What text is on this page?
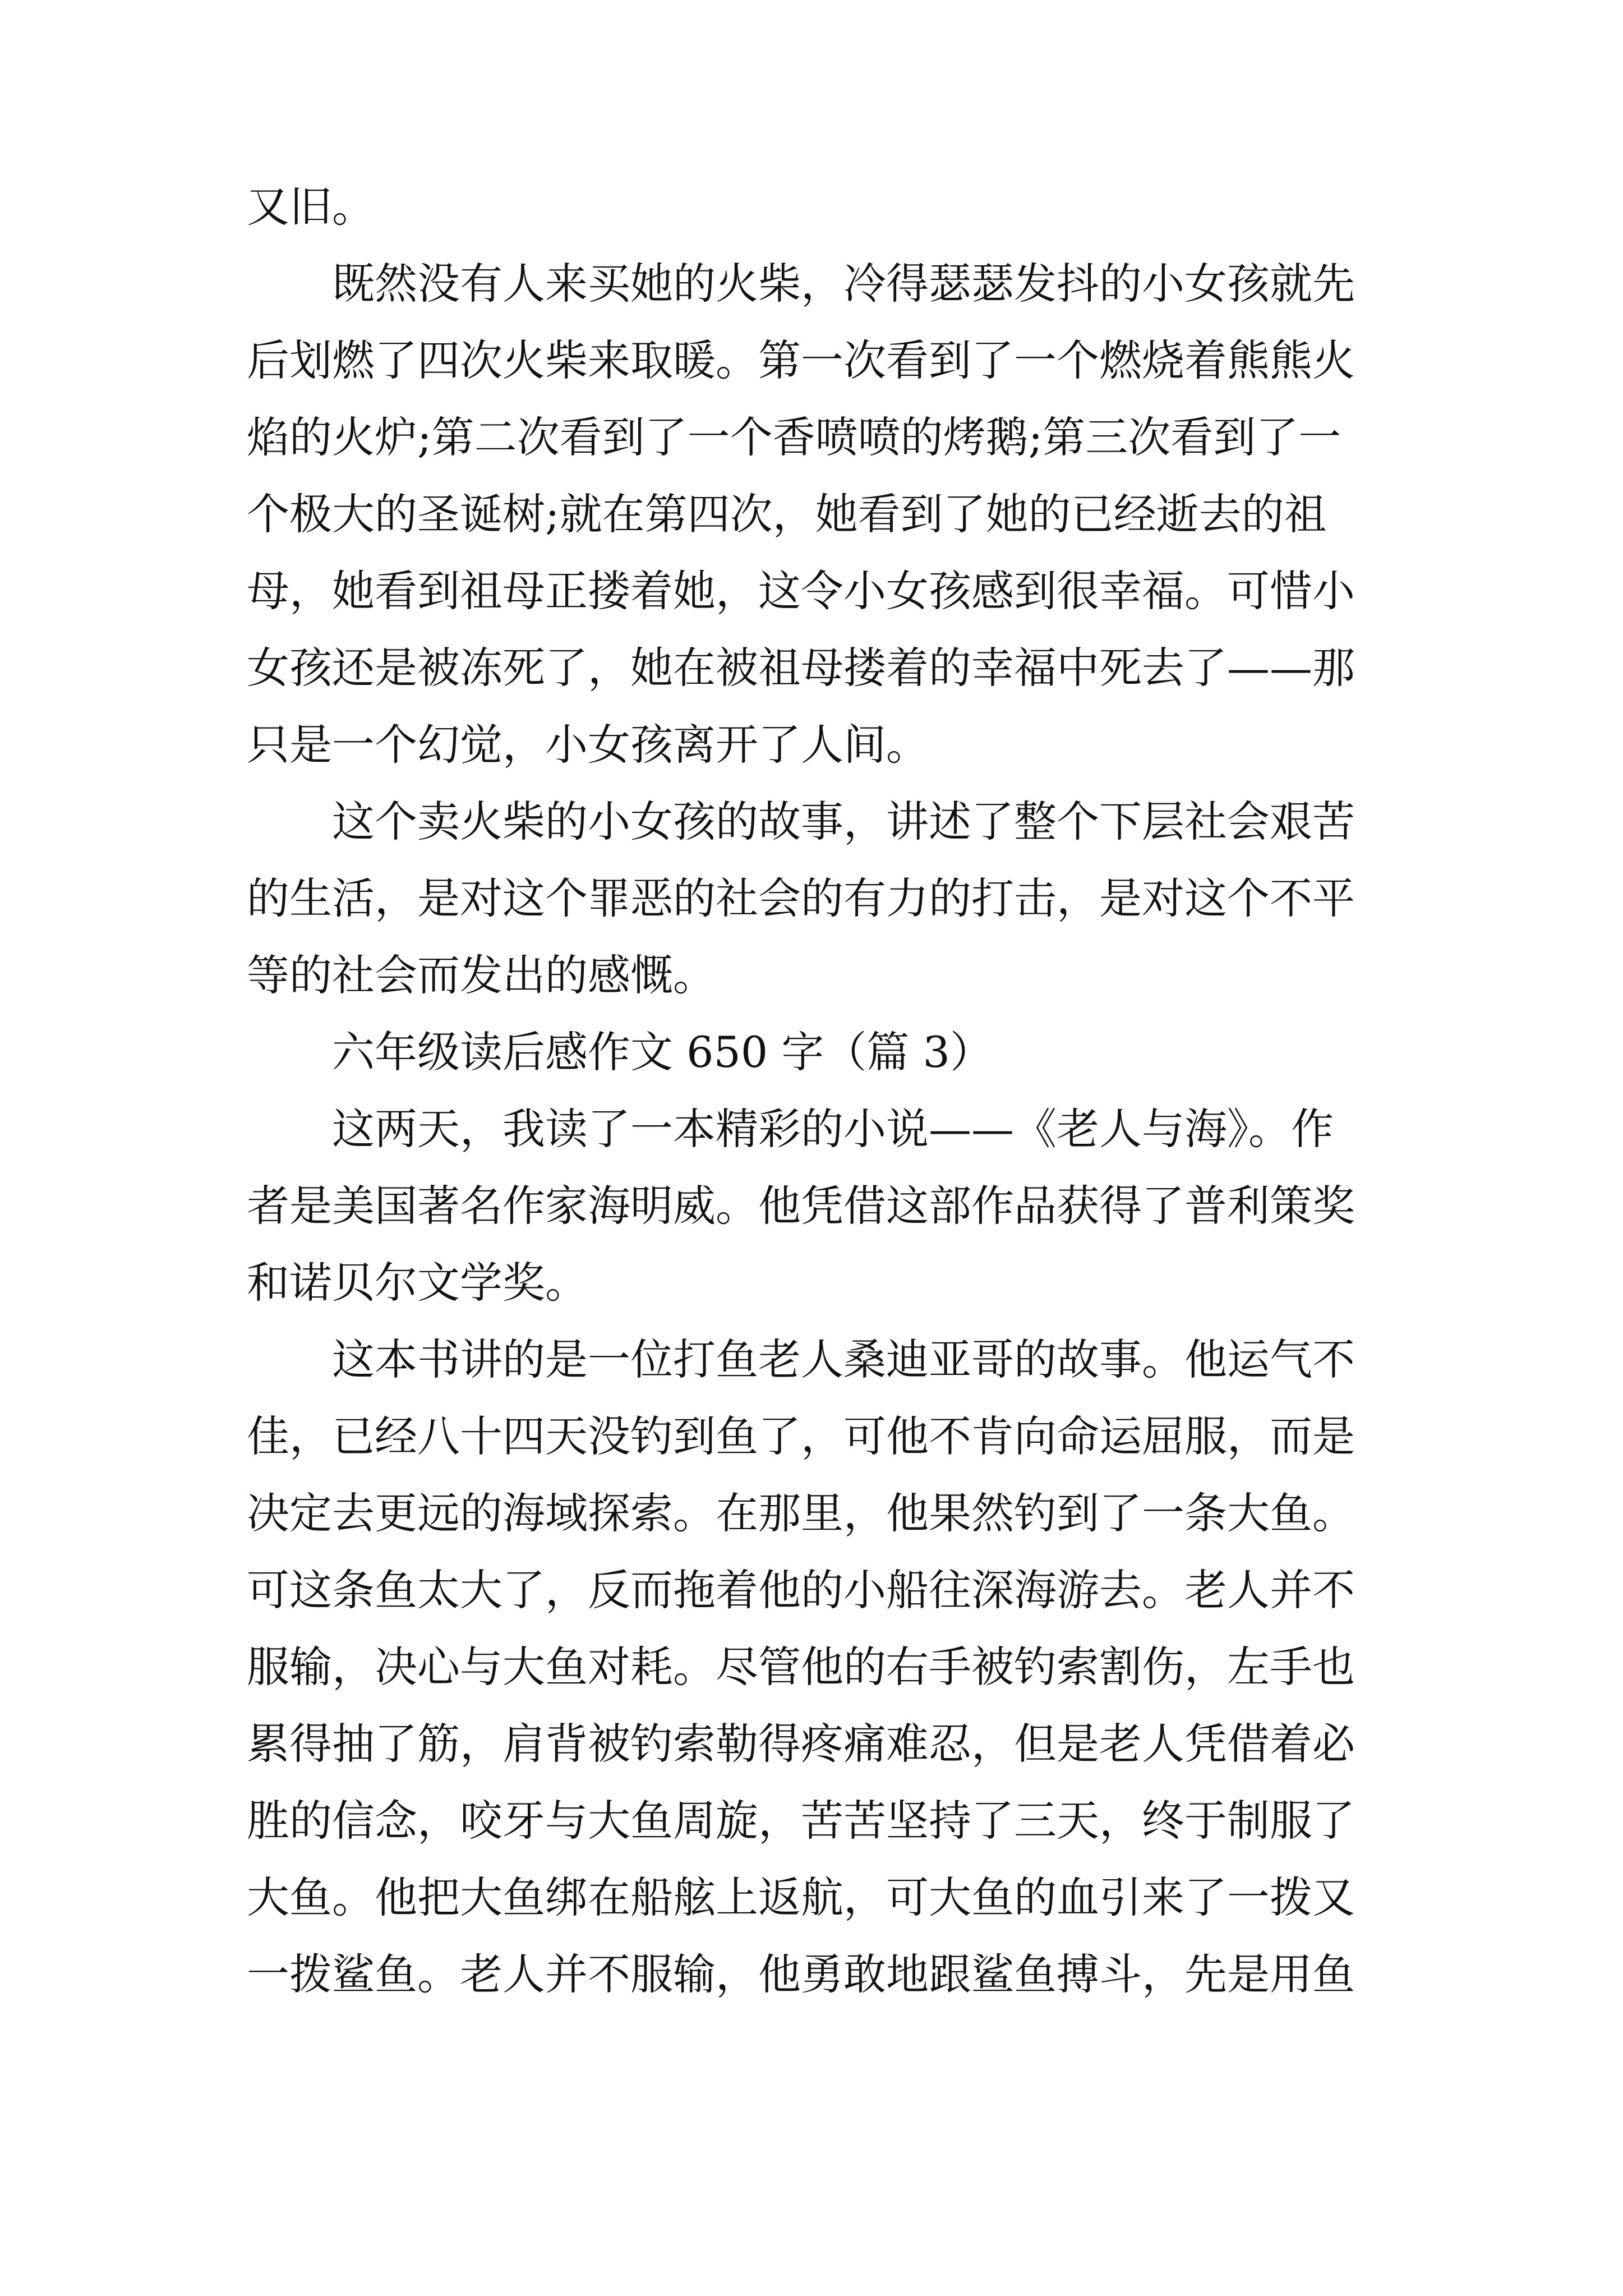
又旧。
既然没有人来买她的火柴，冷得瑟瑟发抖的小女孩就先
后划燃了四次火柴来取暖。第一次看到了一个燃烧着熊熊火
焰的火炉;第二次看到了一个香喷喷的烤鹅;第三次看到了一
个极大的圣诞树;就在第四次，她看到了她的已经逝去的祖
母，她看到祖母正搂着她，这令小女孩感到很幸福。可惜小
女孩还是被冻死了，她在被祖母搂着的幸福中死去了——那
只是一个幻觉，小女孩离开了人间。
这个卖火柴的小女孩的故事，讲述了整个下层社会艰苦
的生活，是对这个罪恶的社会的有力的打击，是对这个不平
等的社会而发出的感慨。
六年级读后感作文 650 字（篇 3）
这两天，我读了一本精彩的小说——《老人与海》。作
者是美国著名作家海明威。他凭借这部作品获得了普利策奖
和诺贝尔文学奖。
这本书讲的是一位打鱼老人桑迪亚哥的故事。他运气不
佳，已经八十四天没钓到鱼了，可他不肯向命运屈服，而是
决定去更远的海域探索。在那里，他果然钓到了一条大鱼。
可这条鱼太大了，反而拖着他的小船往深海游去。老人并不
服输，决心与大鱼对耗。尽管他的右手被钓索割伤，左手也
累得抽了筋，肩背被钓索勒得疼痛难忍，但是老人凭借着必
胜的信念，咬牙与大鱼周旋，苦苦坚持了三天，终于制服了
大鱼。他把大鱼绑在船舷上返航，可大鱼的血引来了一拨又
一拨鲨鱼。老人并不服输，他勇敢地跟鲨鱼搏斗，先是用鱼
